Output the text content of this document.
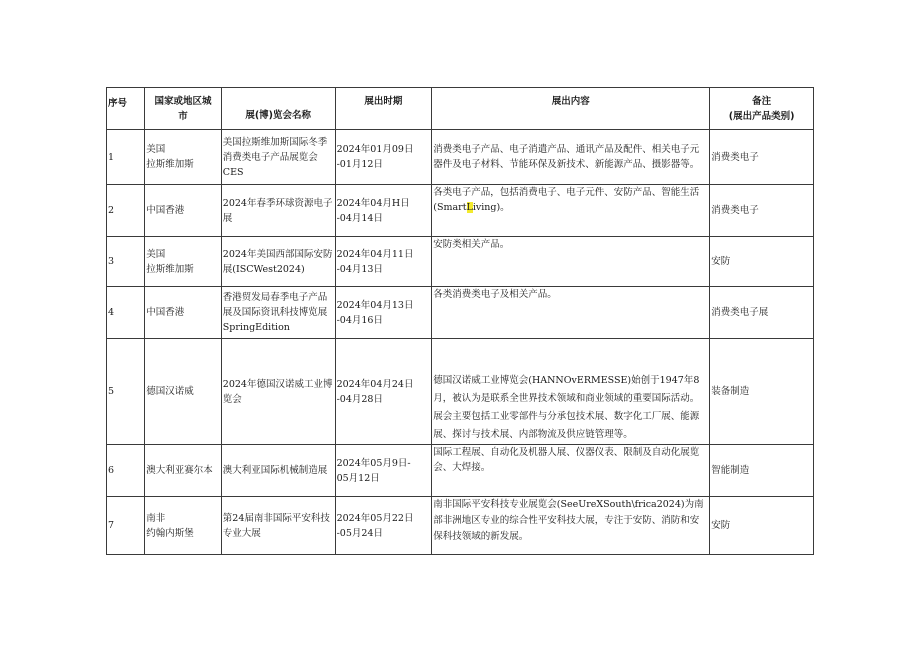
序号	国家或地区城
市	展(博)览会名称	展出时期	展出内容	备注
(展出产品类别)
1	美国
拉斯维加斯	美国拉斯维加斯国际冬季消费类电子产品展览会CES	2024年01月09日
-01月12日	消费类电子产品、电子消遣产品、通讯产品及配件、相关电子元器件及电子材料、节能环保及新技术、新能源产品、摄影器等。	消费类电子
2	中国香港	2024年春季环球资源电子展	2024年04月H日
-04月14日	各类电子产品，包括消费电子、电子元件、安防产品、智能生活(SmartLiving)。	消费类电子
3	美国
拉斯维加斯	2024年美国西部国际安防展(ISCWest2024)	2024年04月11日
-04月13日	安防类相关产品。	安防
4	中国香港	香港贸发局春季电子产品展及国际资讯科技博览展SpringEdition	2024年04月13日
-04月16日	各类消费类电子及相关产品。	消费类电子展
5	德国汉诺威	2024年德国汉诺威工业博览会	2024年04月24日
-04月28日	德国汉诺威工业博览会(HANNOvERMESSE)始创于1947年8月，被认为是联系全世界技术领域和商业领域的重要国际活动。展会主要包括工业零部件与分承包技术展、数字化工厂展、能源展、探讨与技术展、内部物流及供应链管理等。	装备制造
6	澳大利亚赛尔本	澳大利亚国际机械制造展	2024年05月9日-
05月12日	国际工程展、自动化及机器人展、仪器仪表、限制及自动化展览会、大焊接。	智能制造
7	南非
约翰内斯堡	第24届南非国际平安科技专业大展	2024年05月22日
-05月24日	南非国际平安科技专业展览会(SeeUreXSouth\frica2024)为南部非洲地区专业的综合性平安科技大展，专注于安防、消防和安保科技领域的新发展。	安防
